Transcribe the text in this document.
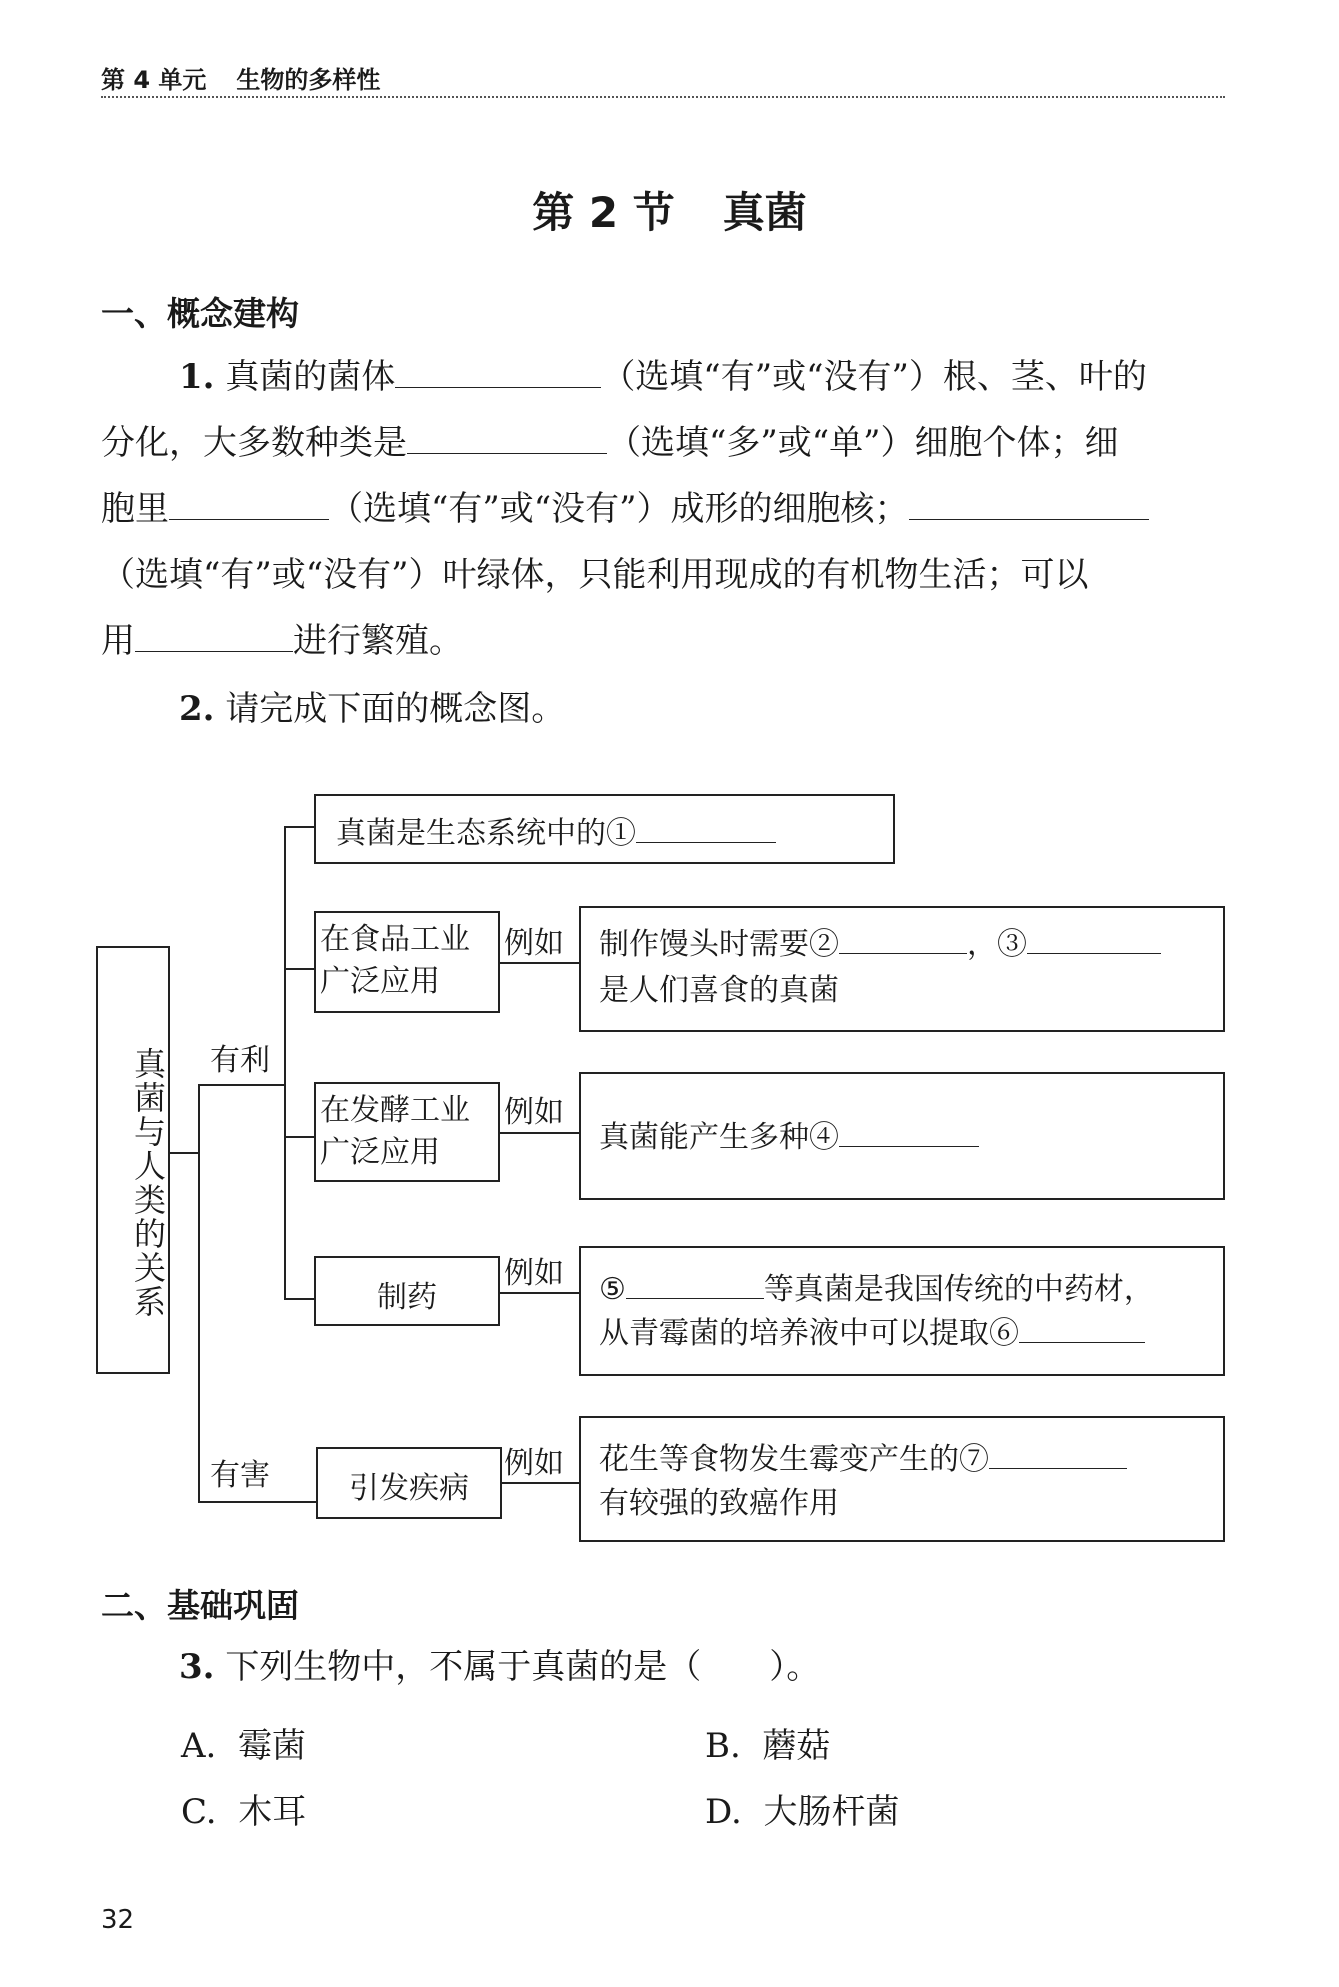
第 4 单元 生物的多样性
第 2 节 真菌
一、概念建构
1. 真菌的菌体	（选填“有”或“没有”）根、茎、叶的
分化，大多数种类是	（选填“多”或“单”）细胞个体；细
胞里	（选填“有”或“没有”）成形的细胞核；
（选填“有”或“没有”）叶绿体，只能利用现成的有机物生活；可以
用	进行繁殖。
2. 请完成下面的概念图。
真菌与人类的关系 有利
有害
真菌是生态系统中的①
在食品工业广泛应用
例如 制作馒头时需要②	，③
是人们喜食的真菌
在发酵工业广泛应用
例如
真菌能产生多种④
制药
例如 ⑤	等真菌是我国传统的中药材，
从青霉菌的培养液中可以提取⑥
引发疾病
例如 花生等食物发生霉变产生的⑦
有较强的致癌作用
二、基础巩固
3. 下列生物中，不属于真菌的是（　　）。
A. 霉菌	B. 蘑菇
C. 木耳	D. 大肠杆菌
32
